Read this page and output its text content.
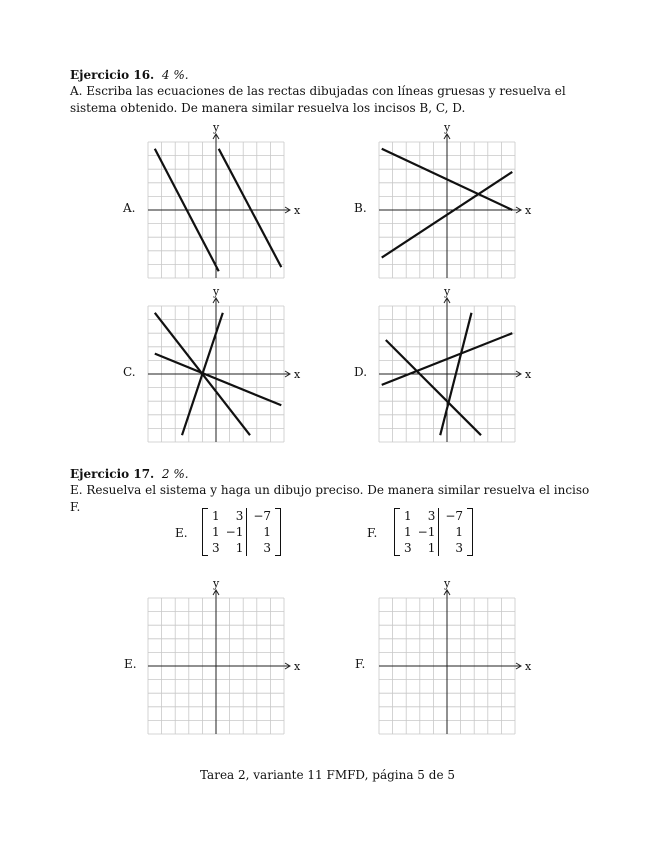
Ejercicio 16. 4 %.
A. Escriba las ecuaciones de las rectas dibujadas con líneas gruesas y resuelva el sistema obtenido. De manera similar resuelva los incisos B, C, D.
A.	x
y
B.	x
y
C.	x
y
D.	x
y
Ejercicio 17. 2 %.
E. Resuelva el sistema y haga un dibujo preciso. De manera similar resuelva el inciso F.
E.
1	3	−7
1	−1	1
3	1	3
F.
1	3	−7
1	−1	1
3	1	3
E.	x
y
F.	x
y
Tarea 2, variante 11 FMFD, página 5 de 5
